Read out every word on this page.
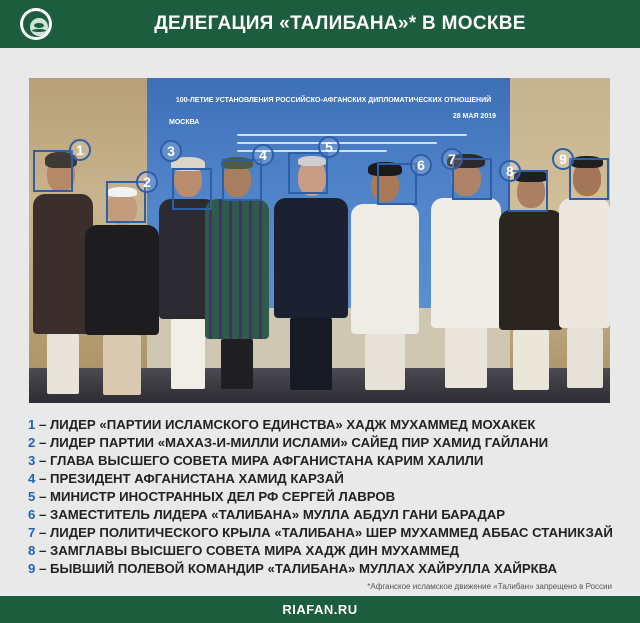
ДЕЛЕГАЦИЯ «ТАЛИБАНА»* В МОСКВЕ
100-ЛЕТИЕ УСТАНОВЛЕНИЯ РОССИЙСКО-АФГАНСКИХ ДИПЛОМАТИЧЕСКИХ ОТНОШЕНИЙ
МОСКВА
28 МАЯ 2019
1
2
3	4	5
6	7
8
9
1 – ЛИДЕР «ПАРТИИ ИСЛАМСКОГО ЕДИНСТВА» ХАДЖ МУХАММЕД МОХАКЕК
2 – ЛИДЕР ПАРТИИ «МАХАЗ-И-МИЛЛИ ИСЛАМИ» САЙЕД ПИР ХАМИД ГАЙЛАНИ
3 – ГЛАВА ВЫСШЕГО СОВЕТА МИРА АФГАНИСТАНА КАРИМ ХАЛИЛИ
4 – ПРЕЗИДЕНТ АФГАНИСТАНА ХАМИД КАРЗАЙ
5 – МИНИСТР ИНОСТРАННЫХ ДЕЛ РФ СЕРГЕЙ ЛАВРОВ
6 – ЗАМЕСТИТЕЛЬ ЛИДЕРА «ТАЛИБАНА» МУЛЛА АБДУЛ ГАНИ БАРАДАР
7 – ЛИДЕР ПОЛИТИЧЕСКОГО КРЫЛА «ТАЛИБАНА» ШЕР МУХАММЕД АББАС СТАНИКЗАЙ
8 – ЗАМГЛАВЫ ВЫСШЕГО СОВЕТА МИРА ХАДЖ ДИН МУХАММЕД
9 – БЫВШИЙ ПОЛЕВОЙ КОМАНДИР «ТАЛИБАНА» МУЛЛАХ ХАЙРУЛЛА ХАЙРКВА
*Афганское исламское движение «Талибан» запрещено в России
RIAFAN.RU
